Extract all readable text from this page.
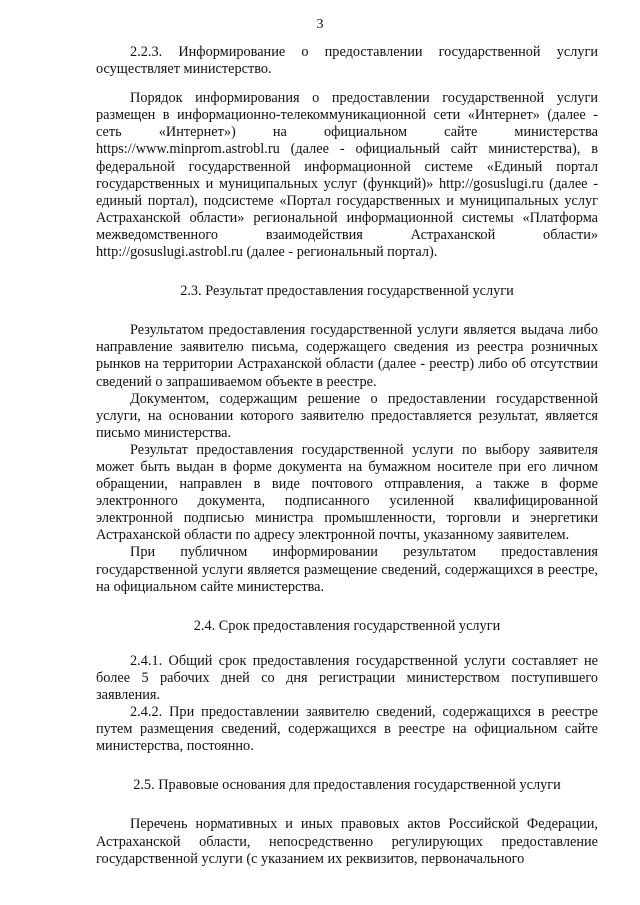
3

2.2.3. Информирование о предоставлении государственной услуги осуществляет министерство.

Порядок информирования о предоставлении государственной услуги размещен в информационно-телекоммуникационной сети «Интернет» (далее - сеть «Интернет») на официальном сайте министерства https://www.minprom.astrobl.ru (далее - официальный сайт министерства), в федеральной государственной информационной системе «Единый портал государственных и муниципальных услуг (функций)» http://gosuslugi.ru (далее - единый портал), подсистеме «Портал государственных и муниципальных услуг Астраханской области» региональной информационной системы «Платформа межведомственного взаимодействия Астраханской области» http://gosuslugi.astrobl.ru (далее - региональный портал).

2.3. Результат предоставления государственной услуги

Результатом предоставления государственной услуги является выдача либо направление заявителю письма, содержащего сведения из реестра розничных рынков на территории Астраханской области (далее - реестр) либо об отсутствии сведений о запрашиваемом объекте в реестре.

Документом, содержащим решение о предоставлении государственной услуги, на основании которого заявителю предоставляется результат, является письмо министерства.

Результат предоставления государственной услуги по выбору заявителя может быть выдан в форме документа на бумажном носителе при его личном обращении, направлен в виде почтового отправления, а также в форме электронного документа, подписанного усиленной квалифицированной электронной подписью министра промышленности, торговли и энергетики Астраханской области по адресу электронной почты, указанному заявителем.

При публичном информировании результатом предоставления государственной услуги является размещение сведений, содержащихся в реестре, на официальном сайте министерства.

2.4. Срок предоставления государственной услуги

2.4.1. Общий срок предоставления государственной услуги составляет не более 5 рабочих дней со дня регистрации министерством поступившего заявления.

2.4.2. При предоставлении заявителю сведений, содержащихся в реестре путем размещения сведений, содержащихся в реестре на официальном сайте министерства, постоянно.

2.5. Правовые основания для предоставления государственной услуги

Перечень нормативных и иных правовых актов Российской Федерации, Астраханской области, непосредственно регулирующих предоставление государственной услуги (с указанием их реквизитов, первоначального
